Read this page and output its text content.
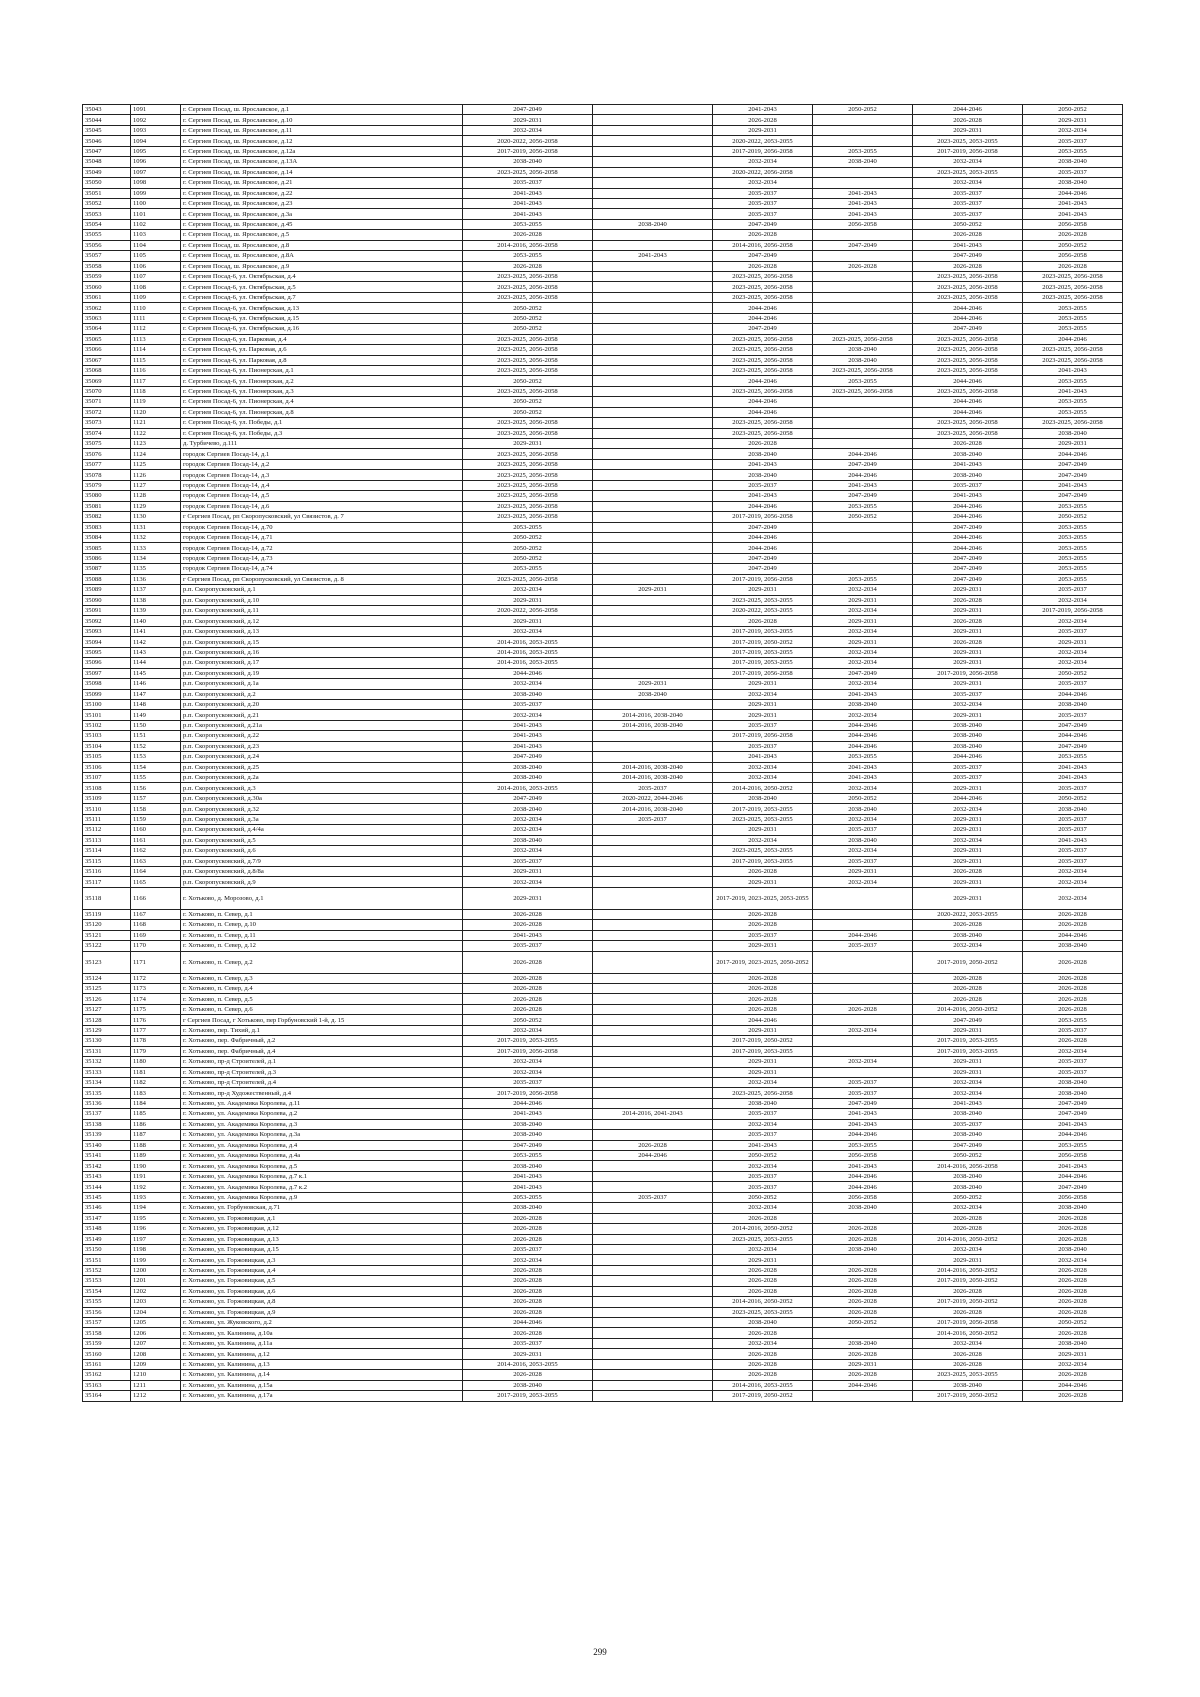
35043	1091	г. Сергиев Посад, ш. Ярославское, д.1	2047-2049		2041-2043	2050-2052	2044-2046	2050-2052
35044	1092	г. Сергиев Посад, ш. Ярославское, д.10	2029-2031		2026-2028		2026-2028	2029-2031
35045	1093	г. Сергиев Посад, ш. Ярославское, д.11	2032-2034		2029-2031		2029-2031	2032-2034
35046	1094	г. Сергиев Посад, ш. Ярославское, д.12	2020-2022, 2056-2058		2020-2022, 2053-2055		2023-2025, 2053-2055	2035-2037
35047	1095	г. Сергиев Посад, ш. Ярославское, д.12а	2017-2019, 2056-2058		2017-2019, 2056-2058	2053-2055	2017-2019, 2056-2058	2053-2055
35048	1096	г. Сергиев Посад, ш. Ярославское, д.13А	2038-2040		2032-2034	2038-2040	2032-2034	2038-2040
35049	1097	г. Сергиев Посад, ш. Ярославское, д.14	2023-2025, 2056-2058		2020-2022, 2056-2058		2023-2025, 2053-2055	2035-2037
35050	1098	г. Сергиев Посад, ш. Ярославское, д.21	2035-2037		2032-2034		2032-2034	2038-2040
35051	1099	г. Сергиев Посад, ш. Ярославское, д.22	2041-2043		2035-2037	2041-2043	2035-2037	2044-2046
35052	1100	г. Сергиев Посад, ш. Ярославское, д.23	2041-2043		2035-2037	2041-2043	2035-2037	2041-2043
35053	1101	г. Сергиев Посад, ш. Ярославское, д.3а	2041-2043		2035-2037	2041-2043	2035-2037	2041-2043
35054	1102	г. Сергиев Посад, ш. Ярославское, д.45	2053-2055	2038-2040	2047-2049	2056-2058	2050-2052	2056-2058
35055	1103	г. Сергиев Посад, ш. Ярославское, д.5	2026-2028		2026-2028		2026-2028	2026-2028
35056	1104	г. Сергиев Посад, ш. Ярославское, д.8	2014-2016, 2056-2058		2014-2016, 2056-2058	2047-2049	2041-2043	2050-2052
35057	1105	г. Сергиев Посад, ш. Ярославское, д.8А	2053-2055	2041-2043	2047-2049		2047-2049	2056-2058
35058	1106	г. Сергиев Посад, ш. Ярославское, д.9	2026-2028		2026-2028	2026-2028	2026-2028	2026-2028
35059	1107	г. Сергиев Посад-6, ул. Октябрьская, д.4	2023-2025, 2056-2058		2023-2025, 2056-2058		2023-2025, 2056-2058	2023-2025, 2056-2058
35060	1108	г. Сергиев Посад-6, ул. Октябрьская, д.5	2023-2025, 2056-2058		2023-2025, 2056-2058		2023-2025, 2056-2058	2023-2025, 2056-2058
35061	1109	г. Сергиев Посад-6, ул. Октябрьская, д.7	2023-2025, 2056-2058		2023-2025, 2056-2058		2023-2025, 2056-2058	2023-2025, 2056-2058
35062	1110	г. Сергиев Посад-6, ул. Октябрьская, д.13	2050-2052		2044-2046		2044-2046	2053-2055
35063	1111	г. Сергиев Посад-6, ул. Октябрьская, д.15	2050-2052		2044-2046		2044-2046	2053-2055
35064	1112	г. Сергиев Посад-6, ул. Октябрьская, д.16	2050-2052		2047-2049		2047-2049	2053-2055
35065	1113	г. Сергиев Посад-6, ул. Парковая, д.4	2023-2025, 2056-2058		2023-2025, 2056-2058	2023-2025, 2056-2058	2023-2025, 2056-2058	2044-2046
35066	1114	г. Сергиев Посад-6, ул. Парковая, д.6	2023-2025, 2056-2058		2023-2025, 2056-2058	2038-2040	2023-2025, 2056-2058	2023-2025, 2056-2058
35067	1115	г. Сергиев Посад-6, ул. Парковая, д.8	2023-2025, 2056-2058		2023-2025, 2056-2058	2038-2040	2023-2025, 2056-2058	2023-2025, 2056-2058
35068	1116	г. Сергиев Посад-6, ул. Пионерская, д.1	2023-2025, 2056-2058		2023-2025, 2056-2058	2023-2025, 2056-2058	2023-2025, 2056-2058	2041-2043
35069	1117	г. Сергиев Посад-6, ул. Пионерская, д.2	2050-2052		2044-2046	2053-2055	2044-2046	2053-2055
35070	1118	г. Сергиев Посад-6, ул. Пионерская, д.3	2023-2025, 2056-2058		2023-2025, 2056-2058	2023-2025, 2056-2058	2023-2025, 2056-2058	2041-2043
35071	1119	г. Сергиев Посад-6, ул. Пионерская, д.4	2050-2052		2044-2046		2044-2046	2053-2055
35072	1120	г. Сергиев Посад-6, ул. Пионерская, д.8	2050-2052		2044-2046		2044-2046	2053-2055
35073	1121	г. Сергиев Посад-6, ул. Победы, д.1	2023-2025, 2056-2058		2023-2025, 2056-2058		2023-2025, 2056-2058	2023-2025, 2056-2058
35074	1122	г. Сергиев Посад-6, ул. Победы, д.3	2023-2025, 2056-2058		2023-2025, 2056-2058		2023-2025, 2056-2058	2038-2040
35075	1123	д. Турбичево, д.111	2029-2031		2026-2028		2026-2028	2029-2031
35076	1124	городок Сергиев Посад-14, д.1	2023-2025, 2056-2058		2038-2040	2044-2046	2038-2040	2044-2046
35077	1125	городок Сергиев Посад-14, д.2	2023-2025, 2056-2058		2041-2043	2047-2049	2041-2043	2047-2049
35078	1126	городок Сергиев Посад-14, д.3	2023-2025, 2056-2058		2038-2040	2044-2046	2038-2040	2047-2049
35079	1127	городок Сергиев Посад-14, д.4	2023-2025, 2056-2058		2035-2037	2041-2043	2035-2037	2041-2043
35080	1128	городок Сергиев Посад-14, д.5	2023-2025, 2056-2058		2041-2043	2047-2049	2041-2043	2047-2049
35081	1129	городок Сергиев Посад-14, д.6	2023-2025, 2056-2058		2044-2046	2053-2055	2044-2046	2053-2055
35082	1130	г Сергиев Посад, рп Скоропусковский, ул Связистов, д. 7	2023-2025, 2056-2058		2017-2019, 2056-2058	2050-2052	2044-2046	2050-2052
35083	1131	городок Сергиев Посад-14, д.70	2053-2055		2047-2049		2047-2049	2053-2055
35084	1132	городок Сергиев Посад-14, д.71	2050-2052		2044-2046		2044-2046	2053-2055
35085	1133	городок Сергиев Посад-14, д.72	2050-2052		2044-2046		2044-2046	2053-2055
35086	1134	городок Сергиев Посад-14, д.73	2050-2052		2047-2049		2047-2049	2053-2055
35087	1135	городок Сергиев Посад-14, д.74	2053-2055		2047-2049		2047-2049	2053-2055
35088	1136	г Сергиев Посад, рп Скоропусковский, ул Связистов, д. 8	2023-2025, 2056-2058		2017-2019, 2056-2058	2053-2055	2047-2049	2053-2055
35089	1137	р.п. Скоропусковский, д.1	2032-2034	2029-2031	2029-2031	2032-2034	2029-2031	2035-2037
35090	1138	р.п. Скоропусковский, д.10	2029-2031		2023-2025, 2053-2055	2029-2031	2026-2028	2032-2034
35091	1139	р.п. Скоропусковский, д.11	2020-2022, 2056-2058		2020-2022, 2053-2055	2032-2034	2029-2031	2017-2019, 2056-2058
35092	1140	р.п. Скоропусковский, д.12	2029-2031		2026-2028	2029-2031	2026-2028	2032-2034
35093	1141	р.п. Скоропусковский, д.13	2032-2034		2017-2019, 2053-2055	2032-2034	2029-2031	2035-2037
35094	1142	р.п. Скоропусковский, д.15	2014-2016, 2053-2055		2017-2019, 2050-2052	2029-2031	2026-2028	2029-2031
35095	1143	р.п. Скоропусковский, д.16	2014-2016, 2053-2055		2017-2019, 2053-2055	2032-2034	2029-2031	2032-2034
35096	1144	р.п. Скоропусковский, д.17	2014-2016, 2053-2055		2017-2019, 2053-2055	2032-2034	2029-2031	2032-2034
35097	1145	р.п. Скоропусковский, д.19	2044-2046		2017-2019, 2056-2058	2047-2049	2017-2019, 2056-2058	2050-2052
35098	1146	р.п. Скоропусковский, д.1а	2032-2034	2029-2031	2029-2031	2032-2034	2029-2031	2035-2037
35099	1147	р.п. Скоропусковский, д.2	2038-2040	2038-2040	2032-2034	2041-2043	2035-2037	2044-2046
35100	1148	р.п. Скоропусковский, д.20	2035-2037		2029-2031	2038-2040	2032-2034	2038-2040
35101	1149	р.п. Скоропусковский, д.21	2032-2034	2014-2016, 2038-2040	2029-2031	2032-2034	2029-2031	2035-2037
35102	1150	р.п. Скоропусковский, д.21а	2041-2043	2014-2016, 2038-2040	2035-2037	2044-2046	2038-2040	2047-2049
35103	1151	р.п. Скоропусковский, д.22	2041-2043		2017-2019, 2056-2058	2044-2046	2038-2040	2044-2046
35104	1152	р.п. Скоропусковский, д.23	2041-2043		2035-2037	2044-2046	2038-2040	2047-2049
35105	1153	р.п. Скоропусковский, д.24	2047-2049		2041-2043	2053-2055	2044-2046	2053-2055
35106	1154	р.п. Скоропусковский, д.25	2038-2040	2014-2016, 2038-2040	2032-2034	2041-2043	2035-2037	2041-2043
35107	1155	р.п. Скоропусковский, д.2а	2038-2040	2014-2016, 2038-2040	2032-2034	2041-2043	2035-2037	2041-2043
35108	1156	р.п. Скоропусковский, д.3	2014-2016, 2053-2055	2035-2037	2014-2016, 2050-2052	2032-2034	2029-2031	2035-2037
35109	1157	р.п. Скоропусковский, д.30а	2047-2049	2020-2022, 2044-2046	2038-2040	2050-2052	2044-2046	2050-2052
35110	1158	р.п. Скоропусковский, д.32	2038-2040	2014-2016, 2038-2040	2017-2019, 2053-2055	2038-2040	2032-2034	2038-2040
35111	1159	р.п. Скоропусковский, д.3а	2032-2034	2035-2037	2023-2025, 2053-2055	2032-2034	2029-2031	2035-2037
35112	1160	р.п. Скоропусковский, д.4/4а	2032-2034		2029-2031	2035-2037	2029-2031	2035-2037
35113	1161	р.п. Скоропусковский, д.5	2038-2040		2032-2034	2038-2040	2032-2034	2041-2043
35114	1162	р.п. Скоропусковский, д.6	2032-2034		2023-2025, 2053-2055	2032-2034	2029-2031	2035-2037
35115	1163	р.п. Скоропусковский, д.7/9	2035-2037		2017-2019, 2053-2055	2035-2037	2029-2031	2035-2037
35116	1164	р.п. Скоропусковский, д.8/8а	2029-2031		2026-2028	2029-2031	2026-2028	2032-2034
35117	1165	р.п. Скоропусковский, д.9	2032-2034		2029-2031	2032-2034	2029-2031	2032-2034
35118	1166	г. Хотьково, д. Морозово, д.1	2029-2031		2017-2019, 2023-2025, 2053-2055		2029-2031	2032-2034
35119	1167	г. Хотьково, п. Север, д.1	2026-2028		2026-2028		2020-2022, 2053-2055	2026-2028
35120	1168	г. Хотьково, п. Север, д.10	2026-2028		2026-2028		2026-2028	2026-2028
35121	1169	г. Хотьково, п. Север, д.11	2041-2043		2035-2037	2044-2046	2038-2040	2044-2046
35122	1170	г. Хотьково, п. Север, д.12	2035-2037		2029-2031	2035-2037	2032-2034	2038-2040
35123	1171	г. Хотьково, п. Север, д.2	2026-2028		2017-2019, 2023-2025, 2050-2052		2017-2019, 2050-2052	2026-2028
35124	1172	г. Хотьково, п. Север, д.3	2026-2028		2026-2028		2026-2028	2026-2028
35125	1173	г. Хотьково, п. Север, д.4	2026-2028		2026-2028		2026-2028	2026-2028
35126	1174	г. Хотьково, п. Север, д.5	2026-2028		2026-2028		2026-2028	2026-2028
35127	1175	г. Хотьково, п. Север, д.6	2026-2028		2026-2028	2026-2028	2014-2016, 2050-2052	2026-2028
35128	1176	г Сергиев Посад, г Хотьково, пер Горбуновский 1-й, д. 15	2050-2052		2044-2046		2047-2049	2053-2055
35129	1177	г. Хотьково, пер. Тихий, д.1	2032-2034		2029-2031	2032-2034	2029-2031	2035-2037
35130	1178	г. Хотьково, пер. Фабричный, д.2	2017-2019, 2053-2055		2017-2019, 2050-2052		2017-2019, 2053-2055	2026-2028
35131	1179	г. Хотьково, пер. Фабричный, д.4	2017-2019, 2056-2058		2017-2019, 2053-2055		2017-2019, 2053-2055	2032-2034
35132	1180	г. Хотьково, пр-д Строителей, д.1	2032-2034		2029-2031	2032-2034	2029-2031	2035-2037
35133	1181	г. Хотьково, пр-д Строителей, д.3	2032-2034		2029-2031		2029-2031	2035-2037
35134	1182	г. Хотьково, пр-д Строителей, д.4	2035-2037		2032-2034	2035-2037	2032-2034	2038-2040
35135	1183	г. Хотьково, пр-д Художественный, д.4	2017-2019, 2056-2058		2023-2025, 2056-2058	2035-2037	2032-2034	2038-2040
35136	1184	г. Хотьково, ул. Академика Королева, д.11	2044-2046		2038-2040	2047-2049	2041-2043	2047-2049
35137	1185	г. Хотьково, ул. Академика Королева, д.2	2041-2043	2014-2016, 2041-2043	2035-2037	2041-2043	2038-2040	2047-2049
35138	1186	г. Хотьково, ул. Академика Королева, д.3	2038-2040		2032-2034	2041-2043	2035-2037	2041-2043
35139	1187	г. Хотьково, ул. Академика Королева, д.3а	2038-2040		2035-2037	2044-2046	2038-2040	2044-2046
35140	1188	г. Хотьково, ул. Академика Королева, д.4	2047-2049	2026-2028	2041-2043	2053-2055	2047-2049	2053-2055
35141	1189	г. Хотьково, ул. Академика Королева, д.4а	2053-2055	2044-2046	2050-2052	2056-2058	2050-2052	2056-2058
35142	1190	г. Хотьково, ул. Академика Королева, д.5	2038-2040		2032-2034	2041-2043	2014-2016, 2056-2058	2041-2043
35143	1191	г. Хотьково, ул. Академика Королева, д.7 к.1	2041-2043		2035-2037	2044-2046	2038-2040	2044-2046
35144	1192	г. Хотьково, ул. Академика Королева, д.7 к.2	2041-2043		2035-2037	2044-2046	2038-2040	2047-2049
35145	1193	г. Хотьково, ул. Академика Королева, д.9	2053-2055	2035-2037	2050-2052	2056-2058	2050-2052	2056-2058
35146	1194	г. Хотьково, ул. Горбуновская, д.71	2038-2040		2032-2034	2038-2040	2032-2034	2038-2040
35147	1195	г. Хотьково, ул. Горжовицкая, д.1	2026-2028		2026-2028		2026-2028	2026-2028
35148	1196	г. Хотьково, ул. Горжовицкая, д.12	2026-2028		2014-2016, 2050-2052	2026-2028	2026-2028	2026-2028
35149	1197	г. Хотьково, ул. Горжовицкая, д.13	2026-2028		2023-2025, 2053-2055	2026-2028	2014-2016, 2050-2052	2026-2028
35150	1198	г. Хотьково, ул. Горжовицкая, д.15	2035-2037		2032-2034	2038-2040	2032-2034	2038-2040
35151	1199	г. Хотьково, ул. Горжовицкая, д.3	2032-2034		2029-2031		2029-2031	2032-2034
35152	1200	г. Хотьково, ул. Горжовицкая, д.4	2026-2028		2026-2028	2026-2028	2014-2016, 2050-2052	2026-2028
35153	1201	г. Хотьково, ул. Горжовицкая, д.5	2026-2028		2026-2028	2026-2028	2017-2019, 2050-2052	2026-2028
35154	1202	г. Хотьково, ул. Горжовицкая, д.6	2026-2028		2026-2028	2026-2028	2026-2028	2026-2028
35155	1203	г. Хотьково, ул. Горжовицкая, д.8	2026-2028		2014-2016, 2050-2052	2026-2028	2017-2019, 2050-2052	2026-2028
35156	1204	г. Хотьково, ул. Горжовицкая, д.9	2026-2028		2023-2025, 2053-2055	2026-2028	2026-2028	2026-2028
35157	1205	г. Хотьково, ул. Жуковского, д.2	2044-2046		2038-2040	2050-2052	2017-2019, 2056-2058	2050-2052
35158	1206	г. Хотьково, ул. Калинина, д.10а	2026-2028		2026-2028		2014-2016, 2050-2052	2026-2028
35159	1207	г. Хотьково, ул. Калинина, д.11а	2035-2037		2032-2034	2038-2040	2032-2034	2038-2040
35160	1208	г. Хотьково, ул. Калинина, д.12	2029-2031		2026-2028	2026-2028	2026-2028	2029-2031
35161	1209	г. Хотьково, ул. Калинина, д.13	2014-2016, 2053-2055		2026-2028	2029-2031	2026-2028	2032-2034
35162	1210	г. Хотьково, ул. Калинина, д.14	2026-2028		2026-2028	2026-2028	2023-2025, 2053-2055	2026-2028
35163	1211	г. Хотьково, ул. Калинина, д.15а	2038-2040		2014-2016, 2053-2055	2044-2046	2038-2040	2044-2046
35164	1212	г. Хотьково, ул. Калинина, д.17а	2017-2019, 2053-2055		2017-2019, 2050-2052		2017-2019, 2050-2052	2026-2028
299
